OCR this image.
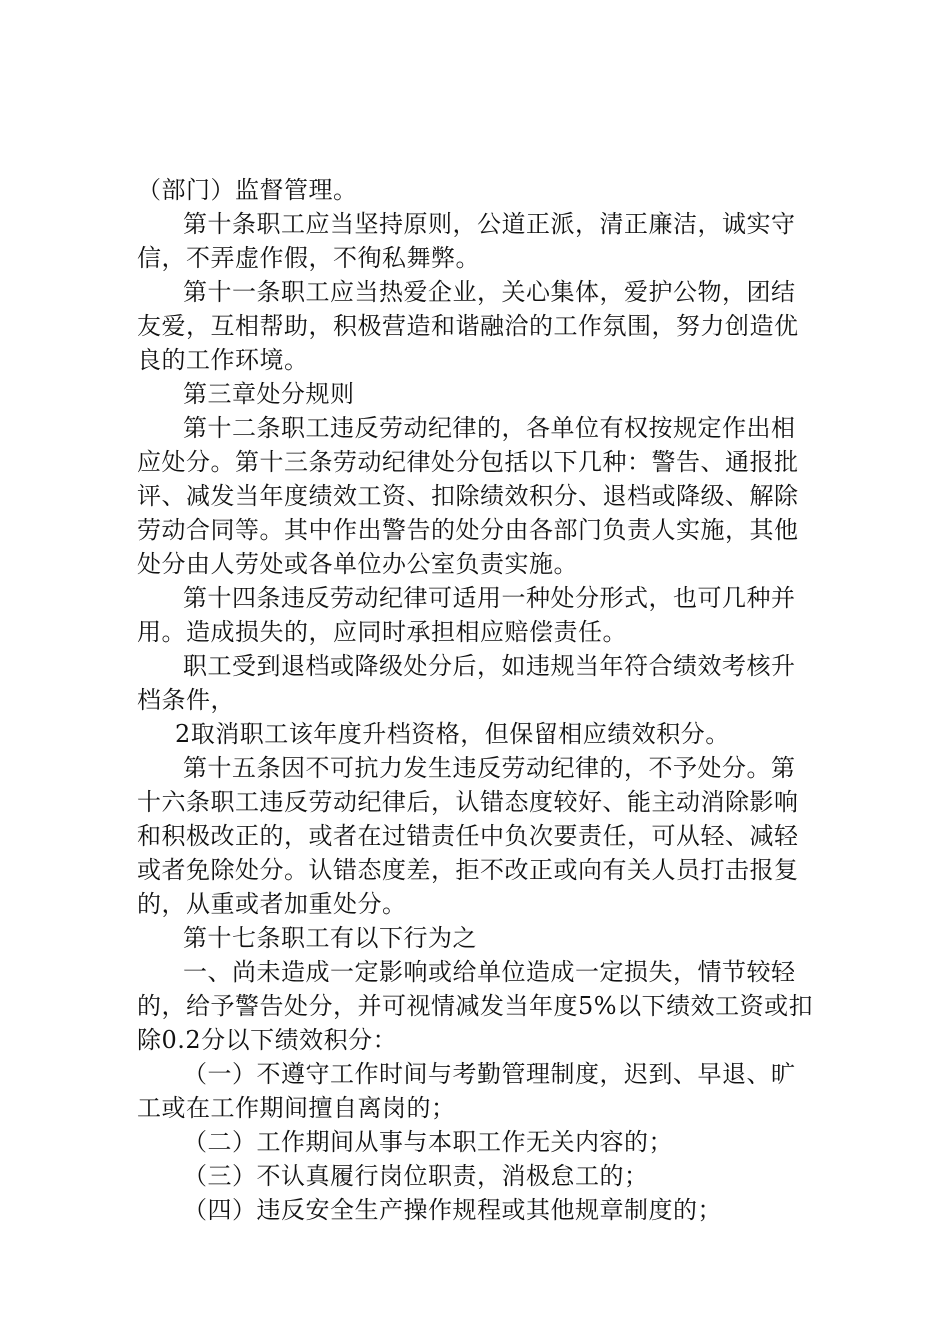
（部门）监督管理。
第十条职工应当坚持原则，公道正派，清正廉洁，诚实守
信，不弄虚作假，不徇私舞弊。
第十一条职工应当热爱企业，关心集体，爱护公物，团结
友爱，互相帮助，积极营造和谐融洽的工作氛围，努力创造优
良的工作环境。
第三章处分规则
第十二条职工违反劳动纪律的，各单位有权按规定作出相
应处分。第十三条劳动纪律处分包括以下几种：警告、通报批
评、减发当年度绩效工资、扣除绩效积分、退档或降级、解除
劳动合同等。其中作出警告的处分由各部门负责人实施，其他
处分由人劳处或各单位办公室负责实施。
第十四条违反劳动纪律可适用一种处分形式，也可几种并
用。造成损失的，应同时承担相应赔偿责任。
职工受到退档或降级处分后，如违规当年符合绩效考核升
档条件，
2取消职工该年度升档资格，但保留相应绩效积分。
第十五条因不可抗力发生违反劳动纪律的，不予处分。第
十六条职工违反劳动纪律后，认错态度较好、能主动消除影响
和积极改正的，或者在过错责任中负次要责任，可从轻、减轻
或者免除处分。认错态度差，拒不改正或向有关人员打击报复
的，从重或者加重处分。
第十七条职工有以下行为之
一、尚未造成一定影响或给单位造成一定损失，情节较轻
的，给予警告处分，并可视情减发当年度5%以下绩效工资或扣
除0.2分以下绩效积分：
（一）不遵守工作时间与考勤管理制度，迟到、早退、旷
工或在工作期间擅自离岗的；
（二）工作期间从事与本职工作无关内容的；
（三）不认真履行岗位职责，消极怠工的；
（四）违反安全生产操作规程或其他规章制度的；
